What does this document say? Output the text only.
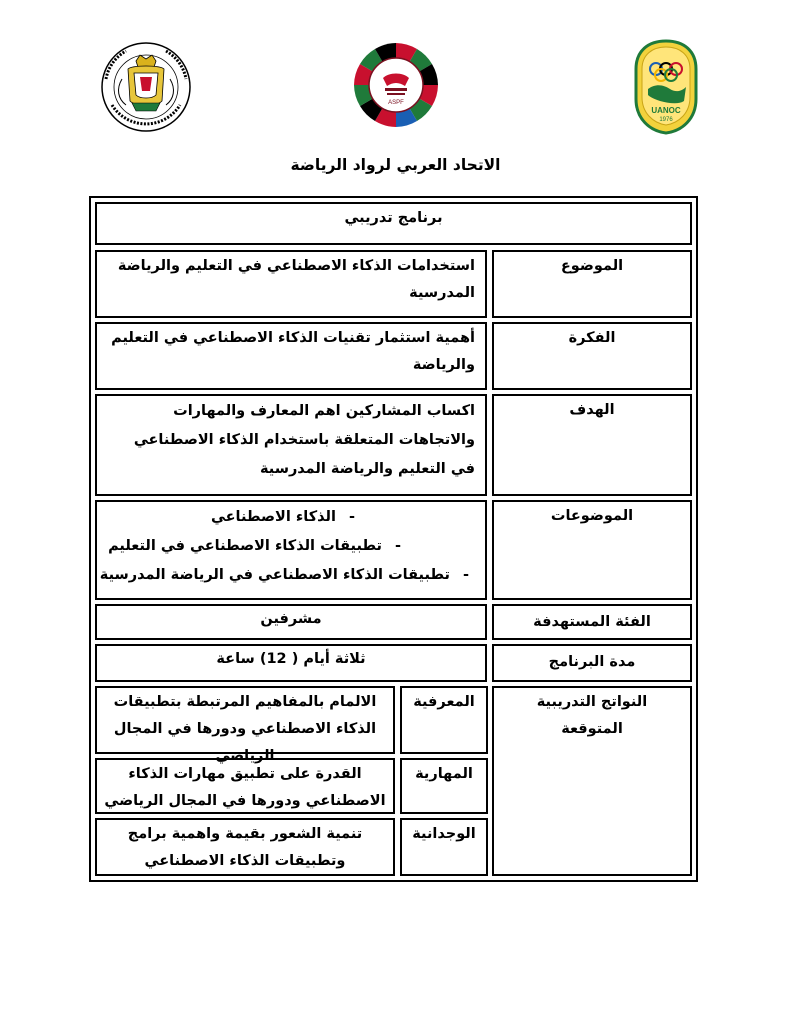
UANOC
1976
ASPF
الاتحاد العربي لرواد الرياضة
برنامج تدريبي
الموضوع
استخدامات الذكاء الاصطناعي في التعليم والرياضة المدرسية
الفكرة
أهمية استثمار تقنيات الذكاء الاصطناعي في التعليم والرياضة
الهدف
اكساب المشاركين اهم المعارف والمهارات والاتجاهات المتعلقة باستخدام الذكاء الاصطناعي في التعليم والرياضة المدرسية
الموضوعات
- الذكاء الاصطناعي
- تطبيقات الذكاء الاصطناعي في التعليم
- تطبيقات الذكاء الاصطناعي في الرياضة المدرسية
الفئة المستهدفة
مشرفين
مدة البرنامج
ثلاثة أيام ( 12) ساعة
النواتج التدريبية المتوقعة
المعرفية
الالمام بالمفاهيم المرتبطة بتطبيقات الذكاء الاصطناعي ودورها في المجال الرياضي
المهارية
القدرة على تطبيق مهارات الذكاء الاصطناعي ودورها في المجال الرياضي
الوجدانية
تنمية الشعور بقيمة واهمية برامج وتطبيقات الذكاء الاصطناعي
